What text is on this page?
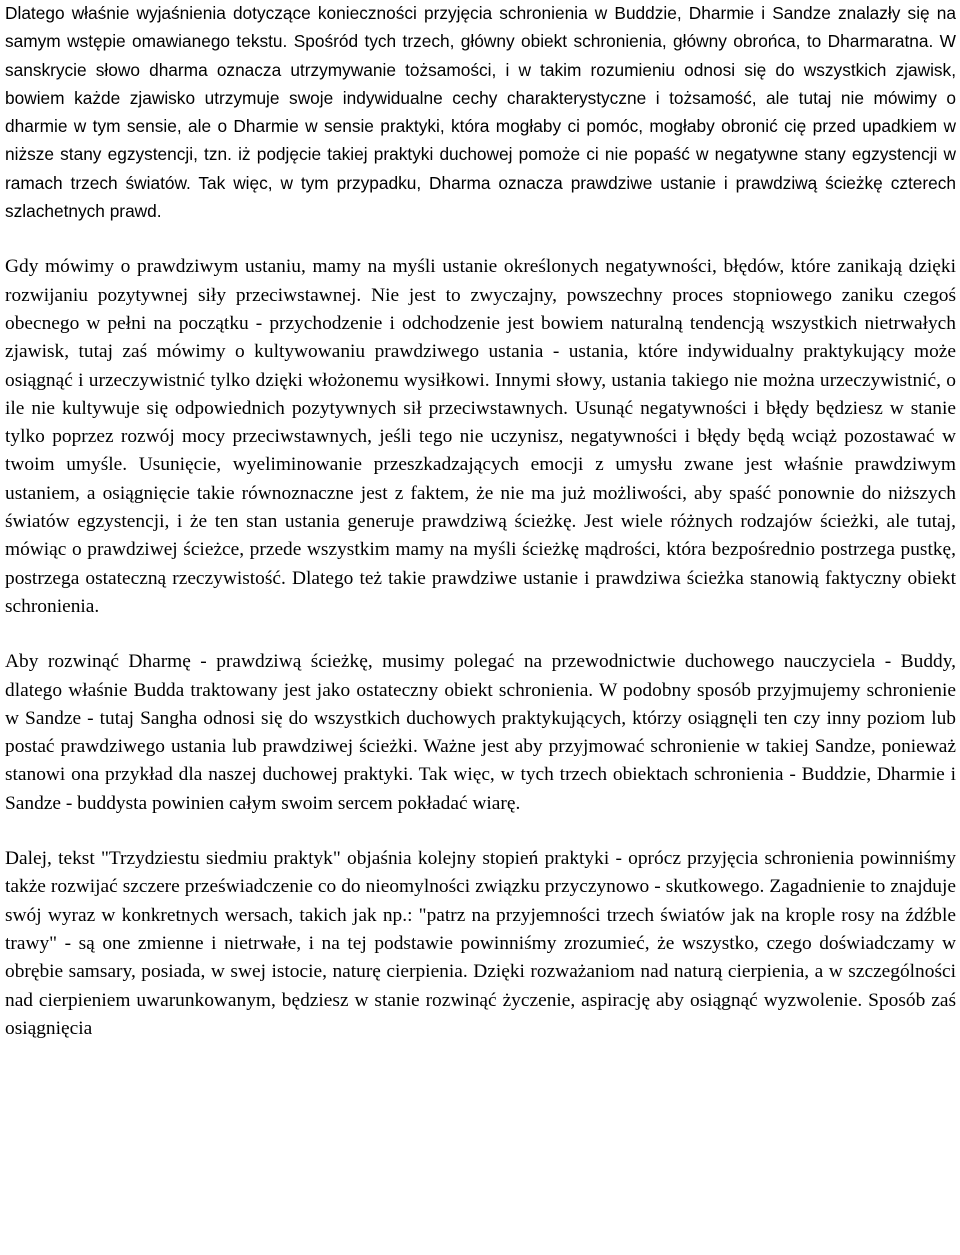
Dlatego właśnie wyjaśnienia dotyczące konieczności przyjęcia schronienia w Buddzie, Dharmie i Sandze znalazły się na samym wstępie omawianego tekstu. Spośród tych trzech, główny obiekt schronienia, główny obrońca, to Dharmaratna. W sanskrycie słowo dharma oznacza utrzymywanie tożsamości, i w takim rozumieniu odnosi się do wszystkich zjawisk, bowiem każde zjawisko utrzymuje swoje indywidualne cechy charakterystyczne i tożsamość, ale tutaj nie mówimy o dharmie w tym sensie, ale o Dharmie w sensie praktyki, która mogłaby ci pomóc, mogłaby obronić cię przed upadkiem w niższe stany egzystencji, tzn. iż podjęcie takiej praktyki duchowej pomoże ci nie popaść w negatywne stany egzystencji w ramach trzech światów. Tak więc, w tym przypadku, Dharma oznacza prawdziwe ustanie i prawdziwą ścieżkę czterech szlachetnych prawd.

Gdy mówimy o prawdziwym ustaniu, mamy na myśli ustanie określonych negatywności, błędów, które zanikają dzięki rozwijaniu pozytywnej siły przeciwstawnej. Nie jest to zwyczajny, powszechny proces stopniowego zaniku czegoś obecnego w pełni na początku - przychodzenie i odchodzenie jest bowiem naturalną tendencją wszystkich nietrwałych zjawisk, tutaj zaś mówimy o kultywowaniu prawdziwego ustania - ustania, które indywidualny praktykujący może osiągnąć i urzeczywistnić tylko dzięki włożonemu wysiłkowi. Innymi słowy, ustania takiego nie można urzeczywistnić, o ile nie kultywuje się odpowiednich pozytywnych sił przeciwstawnych. Usunąć negatywności i błędy będziesz w stanie tylko poprzez rozwój mocy przeciwstawnych, jeśli tego nie uczynisz, negatywności i błędy będą wciąż pozostawać w twoim umyśle. Usunięcie, wyeliminowanie przeszkadzających emocji z umysłu zwane jest właśnie prawdziwym ustaniem, a osiągnięcie takie równoznaczne jest z faktem, że nie ma już możliwości, aby spaść ponownie do niższych światów egzystencji, i że ten stan ustania generuje prawdziwą ścieżkę. Jest wiele różnych rodzajów ścieżki, ale tutaj, mówiąc o prawdziwej ścieżce, przede wszystkim mamy na myśli ścieżkę mądrości, która bezpośrednio postrzega pustkę, postrzega ostateczną rzeczywistość. Dlatego też takie prawdziwe ustanie i prawdziwa ścieżka stanowią faktyczny obiekt schronienia.

Aby rozwinąć Dharmę - prawdziwą ścieżkę, musimy polegać na przewodnictwie duchowego nauczyciela - Buddy, dlatego właśnie Budda traktowany jest jako ostateczny obiekt schronienia. W podobny sposób przyjmujemy schronienie w Sandze - tutaj Sangha odnosi się do wszystkich duchowych praktykujących, którzy osiągnęli ten czy inny poziom lub postać prawdziwego ustania lub prawdziwej ścieżki. Ważne jest aby przyjmować schronienie w takiej Sandze, ponieważ stanowi ona przykład dla naszej duchowej praktyki. Tak więc, w tych trzech obiektach schronienia - Buddzie, Dharmie i Sandze - buddysta powinien całym swoim sercem pokładać wiarę.

Dalej, tekst "Trzydziestu siedmiu praktyk" objaśnia kolejny stopień praktyki - oprócz przyjęcia schronienia powinniśmy także rozwijać szczere przeświadczenie co do nieomylności związku przyczynowo - skutkowego. Zagadnienie to znajduje swój wyraz w konkretnych wersach, takich jak np.: "patrz na przyjemności trzech światów jak na krople rosy na źdźble trawy" - są one zmienne i nietrwałe, i na tej podstawie powinniśmy zrozumieć, że wszystko, czego doświadczamy w obrębie samsary, posiada, w swej istocie, naturę cierpienia. Dzięki rozważaniom nad naturą cierpienia, a w szczególności nad cierpieniem uwarunkowanym, będziesz w stanie rozwinąć życzenie, aspirację aby osiągnąć wyzwolenie. Sposób zaś osiągnięcia
